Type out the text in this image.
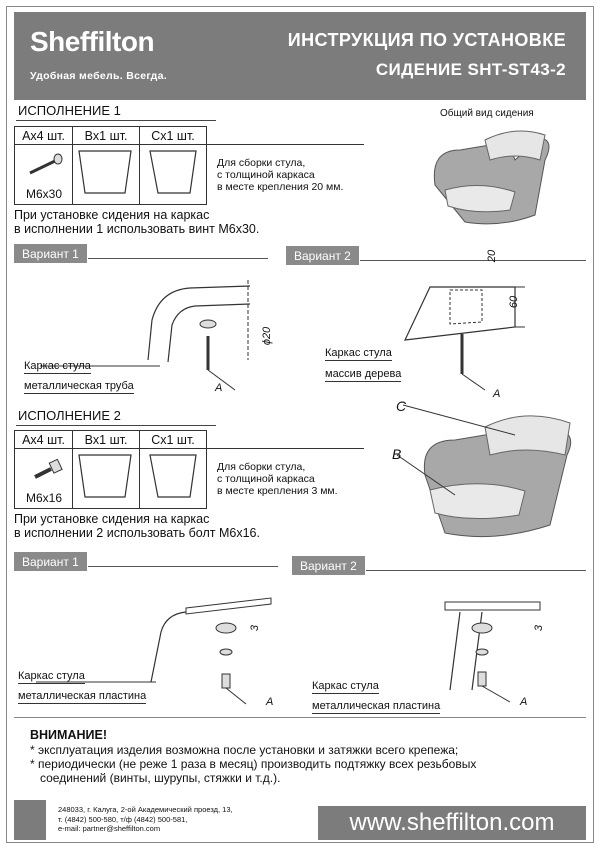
Sheffilton
Удобная мебель. Всегда.
ИНСТРУКЦИЯ ПО УСТАНОВКЕ
СИДЕНИЕ SHT-ST43-2
ИСПОЛНЕНИЕ 1	Общий вид сидения
Ax4 шт.	Bx1 шт.	Cx1 шт.	

M6x30			Для сборки стула,
с толщиной каркаса
в месте крепления 20 мм.
При установке сидения на каркас
в исполнении 1 использовать винт M6x30.
Вариант 1	Вариант 2
A
ϕ20
Каркас стула
металлическая труба
20
60
A
Каркас стула
массив дерева
ИСПОЛНЕНИЕ 2
Ax4 шт.	Bx1 шт.	Cx1 шт.	

M6x16			Для сборки стула,
с толщиной каркаса
в месте крепления 3 мм.
При установке сидения на каркас
в исполнении 2 использовать болт M6x16.
C
B
Вариант 1	Вариант 2
3
A
Каркас стула
металлическая пластина
3
A
Каркас стула
металлическая пластина
ВНИМАНИЕ!
* эксплуатация изделия возможна после установки и затяжки всего крепежа;
* периодически (не реже 1 раза в месяц) производить подтяжку всех резьбовых
соединений (винты, шурупы, стяжки и т.д.).
248033, г. Калуга, 2-ой Академический проезд, 13,
т. (4842) 500-580, т/ф (4842) 500-581,
e-mail: partner@sheffilton.com	www.sheffilton.com
